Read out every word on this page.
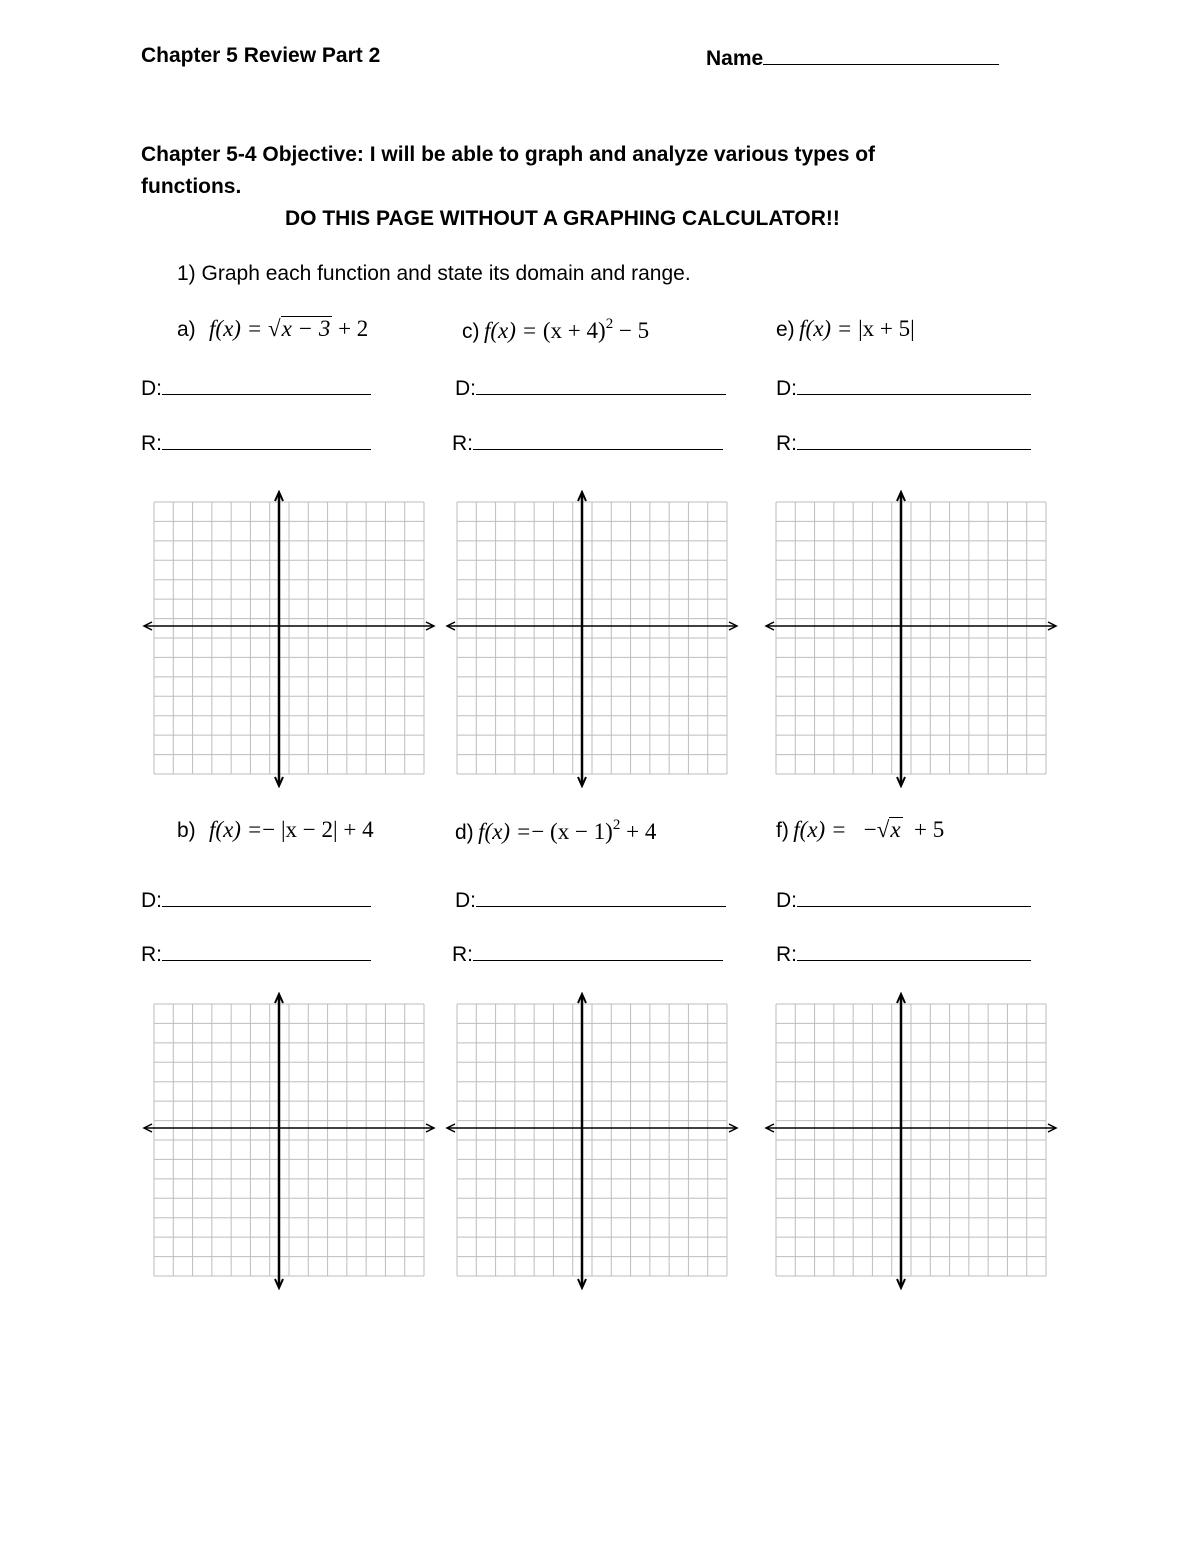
Chapter 5 Review Part 2	Name
Chapter 5-4 Objective: I will be able to graph and analyze various types of
functions.
DO THIS PAGE WITHOUT A GRAPHING CALCULATOR!!
1) Graph each function and state its domain and range.
a) f(x) = √x − 3 + 2	c) $f(x) = (x + 4)^2 - 5$	e) f(x) = |x + 5|
D:	D:	D:
R:	R:	R:
b) f(x) =− |x − 2| + 4	d) $f(x) =- (x - 1)^2 + 4$	f) f(x) = −√x + 5
D:	D:	D:
R:	R:	R:
